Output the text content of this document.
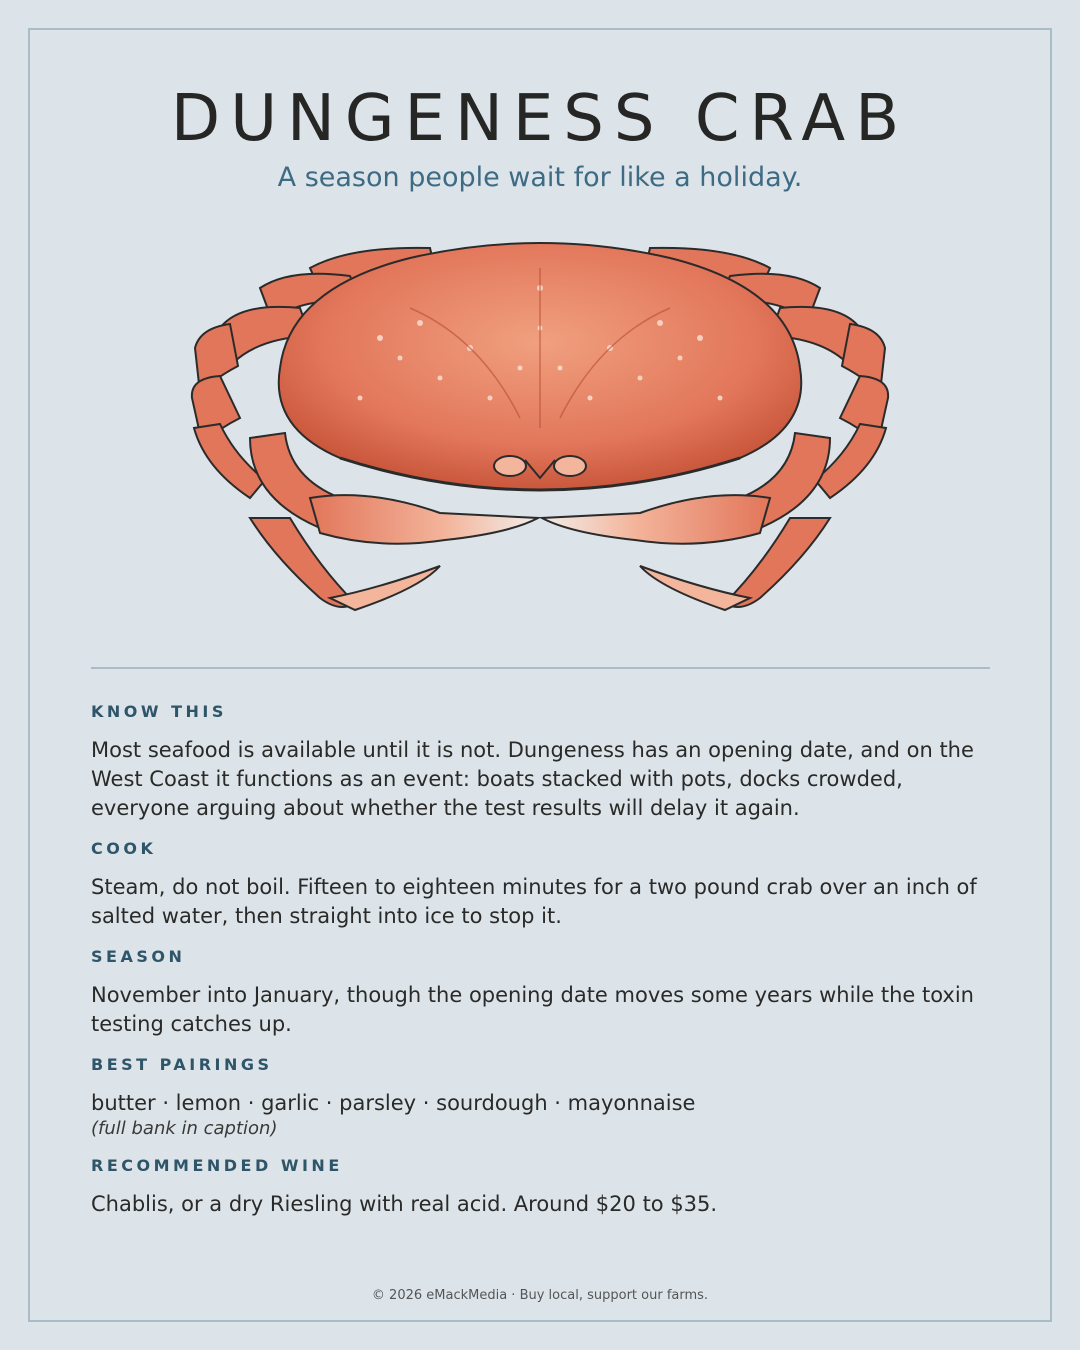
DUNGENESS CRAB
A season people wait for like a holiday.
KNOW THIS
Most seafood is available until it is not. Dungeness has an opening date, and on the West Coast it functions as an event: boats stacked with pots, docks crowded, everyone arguing about whether the test results will delay it again.
COOK
Steam, do not boil. Fifteen to eighteen minutes for a two pound crab over an inch of salted water, then straight into ice to stop it.
SEASON
November into January, though the opening date moves some years while the toxin testing catches up.
BEST PAIRINGS
butter · lemon · garlic · parsley · sourdough · mayonnaise
(full bank in caption)
RECOMMENDED WINE
Chablis, or a dry Riesling with real acid. Around $20 to $35.
© 2026 eMackMedia · Buy local, support our farms.
